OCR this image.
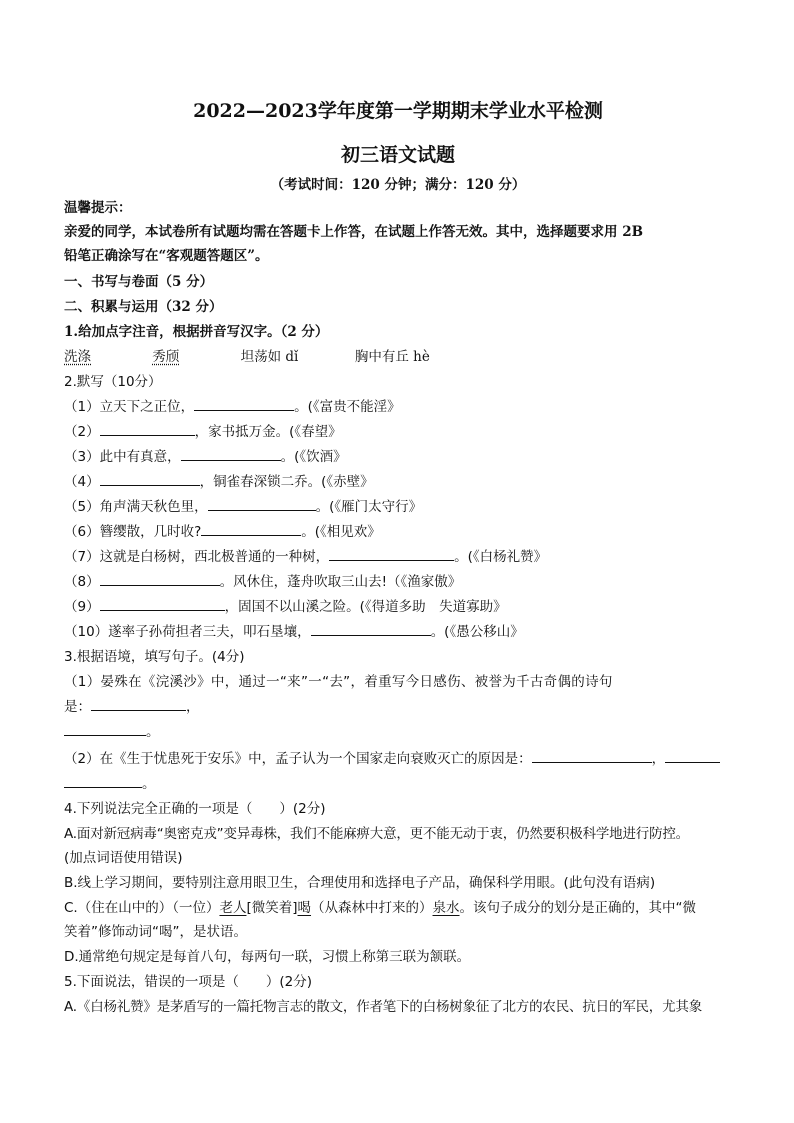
2022—2023学年度第一学期期末学业水平检测
初三语文试题
（考试时间：120 分钟；满分：120 分）
温馨提示：
亲爱的同学，本试卷所有试题均需在答题卡上作答，在试题上作答无效。其中，选择题要求用 2B
铅笔正确涂写在“客观题答题区”。
一、书写与卷面（5 分）
二、积累与运用（32 分）
1.给加点字注音，根据拼音写汉字。（2 分）
洗涤	秀颀	坦荡如 dǐ	胸中有丘 hè
2.默写（10分）
（1）立天下之正位，	。(《富贵不能淫》
（2）	，家书抵万金。(《春望》
（3）此中有真意，	。(《饮酒》
（4）	，铜雀春深锁二乔。(《赤壁》
（5）角声满天秋色里，	。(《雁门太守行》
（6）簪缨散，几时收?	。(《相见欢》
（7）这就是白杨树，西北极普通的一种树，	。(《白杨礼赞》
（8）	。风休住，蓬舟吹取三山去!（《渔家傲》
（9）	，固国不以山溪之险。(《得道多助　失道寡助》
（10）遂率子孙荷担者三夫，叩石垦壤，	。(《愚公移山》
3.根据语境，填写句子。(4分)
（1）晏殊在《浣溪沙》中，通过一“来”一“去”，着重写今日感伤、被誉为千古奇偶的诗句
是：	，
。
（2）在《生于忧患死于安乐》中，孟子认为一个国家走向衰败灭亡的原因是：	，
。
4.下列说法完全正确的一项是（　　）(2分)
A.面对新冠病毒“奥密克戎”变异毒株，我们不能麻痹大意，更不能无动于衷，仍然要积极科学地进行防控。
(加点词语使用错误)
B.线上学习期间，要特别注意用眼卫生，合理使用和选择电子产品，确保科学用眼。(此句没有语病)
C.（住在山中的）（一位）老人[微笑着]喝（从森林中打来的）泉水。该句子成分的划分是正确的，其中“微
笑着”修饰动词“喝”，是状语。
D.通常绝句规定是每首八句，每两句一联，习惯上称第三联为颔联。
5.下面说法，错误的一项是（　　）(2分)
A.《白杨礼赞》是茅盾写的一篇托物言志的散文，作者笔下的白杨树象征了北方的农民、抗日的军民，尤其象
